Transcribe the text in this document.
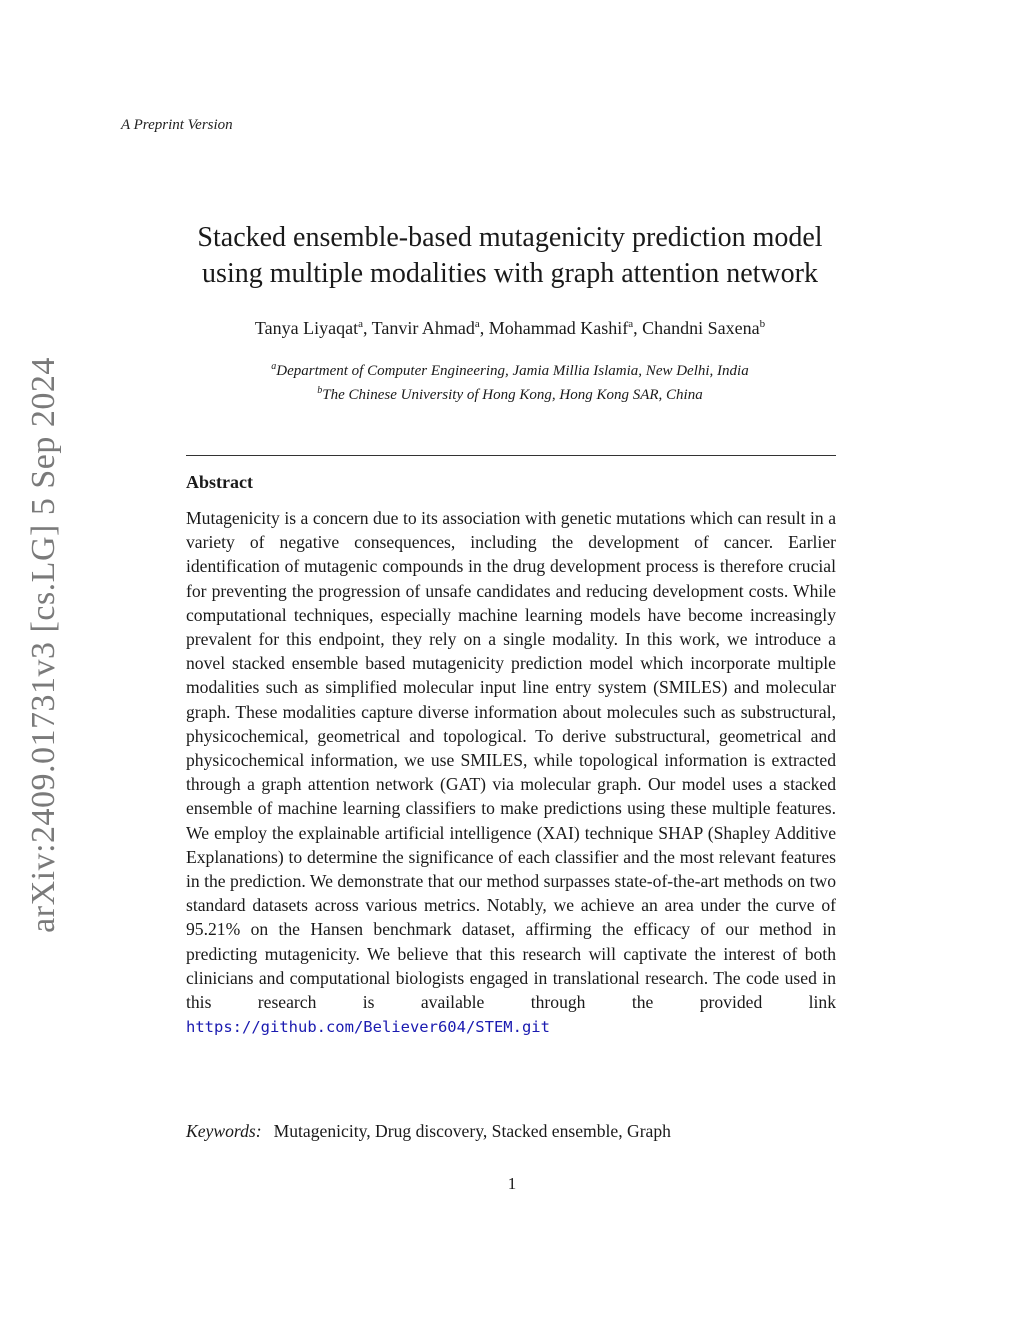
arXiv:2409.01731v3 [cs.LG] 5 Sep 2024
A Preprint Version
Stacked ensemble-based mutagenicity prediction model
using multiple modalities with graph attention network
Tanya Liyaqat$^a$, Tanvir Ahmad$^a$, Mohammad Kashif$^a$, Chandni Saxena$^b$
$^a$Department of Computer Engineering, Jamia Millia Islamia, New Delhi, India
$^b$The Chinese University of Hong Kong, Hong Kong SAR, China
Abstract

Mutagenicity is a concern due to its association with genetic mutations which can result in a variety of negative consequences, including the development of cancer. Earlier identification of mutagenic compounds in the drug development process is therefore crucial for preventing the progression of unsafe candidates and reducing development costs. While computational techniques, especially machine learning models have become increasingly prevalent for this endpoint, they rely on a single modality. In this work, we introduce a novel stacked ensemble based mutagenicity prediction model which incorporate multiple modalities such as simplified molecular input line entry system (SMILES) and molecular graph. These modalities capture diverse information about molecules such as substructural, physicochemical, geometrical and topological. To derive substructural, geometrical and physicochemical information, we use SMILES, while topological information is extracted through a graph attention network (GAT) via molecular graph. Our model uses a stacked ensemble of machine learning classifiers to make predictions using these multiple features. We employ the explainable artificial intelligence (XAI) technique SHAP (Shapley Additive Explanations) to determine the significance of each classifier and the most relevant features in the prediction. We demonstrate that our method surpasses state-of-the-art methods on two standard datasets across various metrics. Notably, we achieve an area under the curve of 95.21% on the Hansen benchmark dataset, affirming the efficacy of our method in predicting mutagenicity. We believe that this research will captivate the interest of both clinicians and computational biologists engaged in translational research. The code used in this research is available through the provided link https://github.com/Believer604/STEM.git

Keywords: Mutagenicity, Drug discovery, Stacked ensemble, Graph
1
